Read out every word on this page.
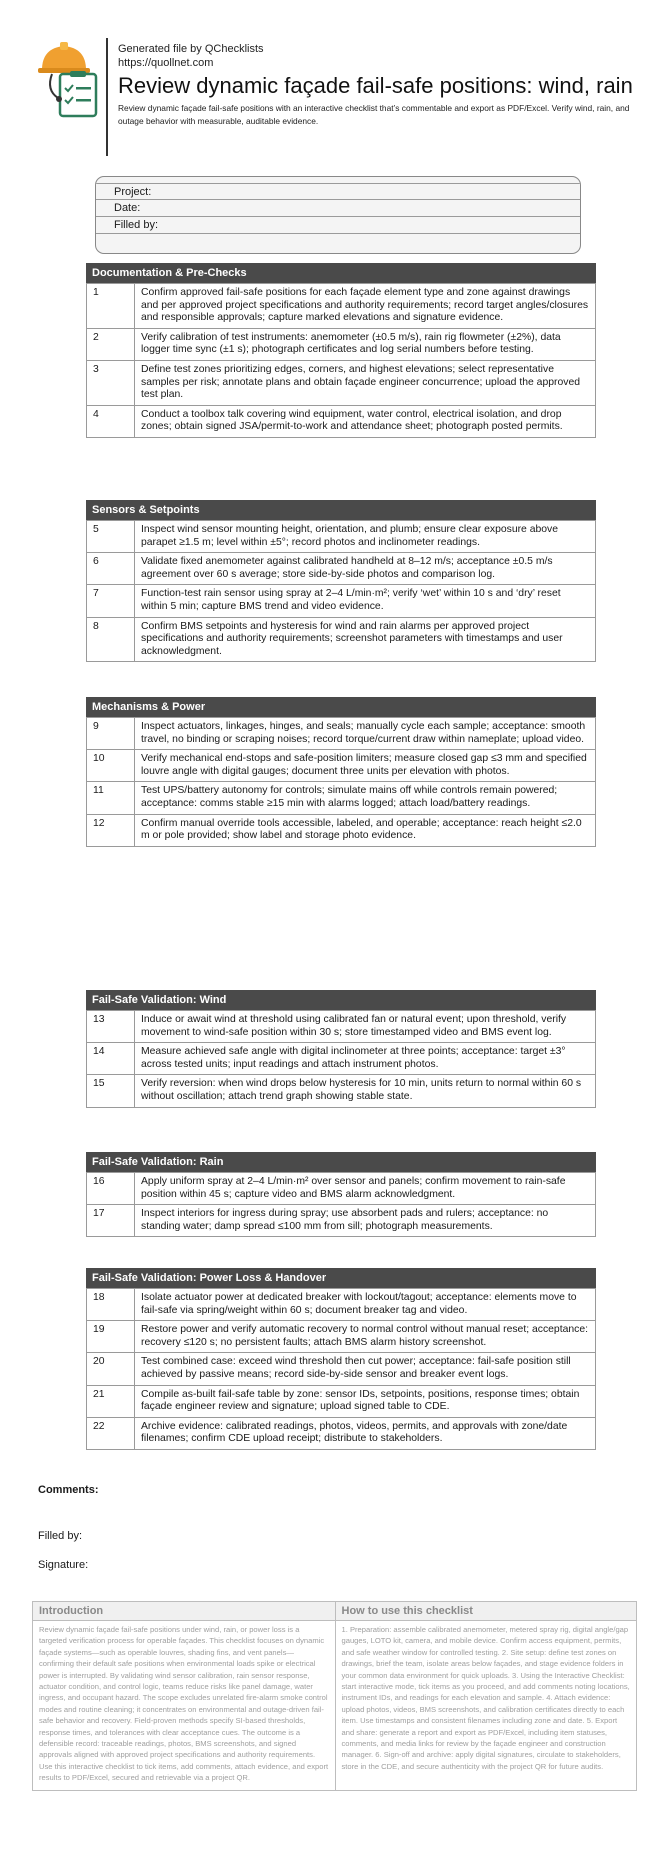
Generated file by QChecklists
https://quollnet.com
Review dynamic façade fail-safe positions: wind, rain
Review dynamic façade fail-safe positions with an interactive checklist that’s commentable and export as PDF/Excel. Verify wind, rain, and outage behavior with measurable, auditable evidence.
Project:
Date:
Filled by:
Documentation & Pre-Checks
1	Confirm approved fail-safe positions for each façade element type and zone against drawings and per approved project specifications and authority requirements; record target angles/closures and responsible approvals; capture marked elevations and signature evidence.
2	Verify calibration of test instruments: anemometer (±0.5 m/s), rain rig flowmeter (±2%), data logger time sync (±1 s); photograph certificates and log serial numbers before testing.
3	Define test zones prioritizing edges, corners, and highest elevations; select representative samples per risk; annotate plans and obtain façade engineer concurrence; upload the approved test plan.
4	Conduct a toolbox talk covering wind equipment, water control, electrical isolation, and drop zones; obtain signed JSA/permit-to-work and attendance sheet; photograph posted permits.
Sensors & Setpoints
5	Inspect wind sensor mounting height, orientation, and plumb; ensure clear exposure above parapet ≥1.5 m; level within ±5°; record photos and inclinometer readings.
6	Validate fixed anemometer against calibrated handheld at 8–12 m/s; acceptance ±0.5 m/s agreement over 60 s average; store side-by-side photos and comparison log.
7	Function-test rain sensor using spray at 2–4 L/min·m²; verify ‘wet’ within 10 s and ‘dry’ reset within 5 min; capture BMS trend and video evidence.
8	Confirm BMS setpoints and hysteresis for wind and rain alarms per approved project specifications and authority requirements; screenshot parameters with timestamps and user acknowledgment.
Mechanisms & Power
9	Inspect actuators, linkages, hinges, and seals; manually cycle each sample; acceptance: smooth travel, no binding or scraping noises; record torque/current draw within nameplate; upload video.
10	Verify mechanical end-stops and safe-position limiters; measure closed gap ≤3 mm and specified louvre angle with digital gauges; document three units per elevation with photos.
11	Test UPS/battery autonomy for controls; simulate mains off while controls remain powered; acceptance: comms stable ≥15 min with alarms logged; attach load/battery readings.
12	Confirm manual override tools accessible, labeled, and operable; acceptance: reach height ≤2.0 m or pole provided; show label and storage photo evidence.
Fail-Safe Validation: Wind
13	Induce or await wind at threshold using calibrated fan or natural event; upon threshold, verify movement to wind-safe position within 30 s; store timestamped video and BMS event log.
14	Measure achieved safe angle with digital inclinometer at three points; acceptance: target ±3° across tested units; input readings and attach instrument photos.
15	Verify reversion: when wind drops below hysteresis for 10 min, units return to normal within 60 s without oscillation; attach trend graph showing stable state.
Fail-Safe Validation: Rain
16	Apply uniform spray at 2–4 L/min·m² over sensor and panels; confirm movement to rain-safe position within 45 s; capture video and BMS alarm acknowledgment.
17	Inspect interiors for ingress during spray; use absorbent pads and rulers; acceptance: no standing water; damp spread ≤100 mm from sill; photograph measurements.
Fail-Safe Validation: Power Loss & Handover
18	Isolate actuator power at dedicated breaker with lockout/tagout; acceptance: elements move to fail-safe via spring/weight within 60 s; document breaker tag and video.
19	Restore power and verify automatic recovery to normal control without manual reset; acceptance: recovery ≤120 s; no persistent faults; attach BMS alarm history screenshot.
20	Test combined case: exceed wind threshold then cut power; acceptance: fail-safe position still achieved by passive means; record side-by-side sensor and breaker event logs.
21	Compile as-built fail-safe table by zone: sensor IDs, setpoints, positions, response times; obtain façade engineer review and signature; upload signed table to CDE.
22	Archive evidence: calibrated readings, photos, videos, permits, and approvals with zone/date filenames; confirm CDE upload receipt; distribute to stakeholders.
Comments:
Filled by:
Signature:
Introduction
Review dynamic façade fail-safe positions under wind, rain, or power loss is a targeted verification process for operable façades. This checklist focuses on dynamic façade systems—such as operable louvres, shading fins, and vent panels—confirming their default safe positions when environmental loads spike or electrical power is interrupted. By validating wind sensor calibration, rain sensor response, actuator condition, and control logic, teams reduce risks like panel damage, water ingress, and occupant hazard. The scope excludes unrelated fire-alarm smoke control modes and routine cleaning; it concentrates on environmental and outage-driven fail-safe behavior and recovery. Field-proven methods specify SI-based thresholds, response times, and tolerances with clear acceptance cues. The outcome is a defensible record: traceable readings, photos, BMS screenshots, and signed approvals aligned with approved project specifications and authority requirements. Use this interactive checklist to tick items, add comments, attach evidence, and export results to PDF/Excel, secured and retrievable via a project QR.
How to use this checklist
1. Preparation: assemble calibrated anemometer, metered spray rig, digital angle/gap gauges, LOTO kit, camera, and mobile device. Confirm access equipment, permits, and safe weather window for controlled testing. 2. Site setup: define test zones on drawings, brief the team, isolate areas below façades, and stage evidence folders in your common data environment for quick uploads. 3. Using the Interactive Checklist: start interactive mode, tick items as you proceed, and add comments noting locations, instrument IDs, and readings for each elevation and sample. 4. Attach evidence: upload photos, videos, BMS screenshots, and calibration certificates directly to each item. Use timestamps and consistent filenames including zone and date. 5. Export and share: generate a report and export as PDF/Excel, including item statuses, comments, and media links for review by the façade engineer and construction manager. 6. Sign-off and archive: apply digital signatures, circulate to stakeholders, store in the CDE, and secure authenticity with the project QR for future audits.
